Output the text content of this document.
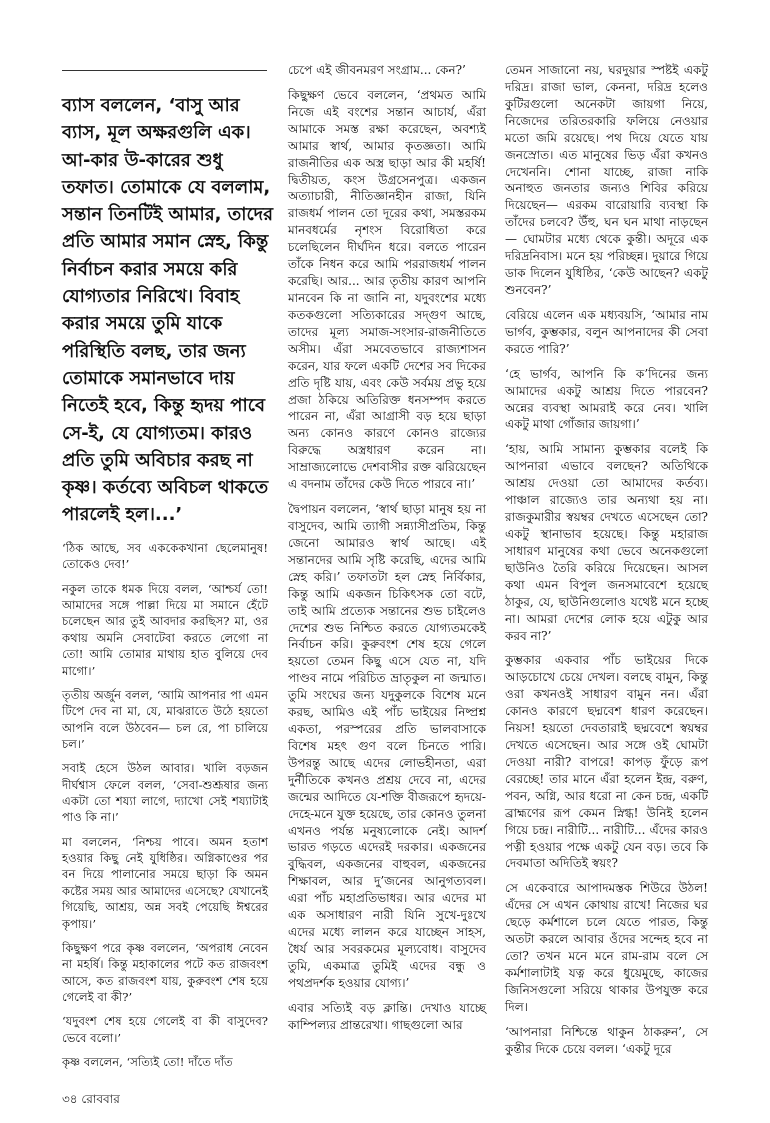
ব্যাস বললেন, ‘বাসু আর ব্যাস, মূল অক্ষরগুলি এক। আ-কার উ-কারের শুধু তফাত। তোমাকে যে বললাম, সন্তান তিনটিই আমার, তাদের প্রতি আমার সমান স্নেহ, কিন্তু নির্বাচন করার সময়ে করি যোগ্যতার নিরিখে। বিবাহ করার সময়ে তুমি যাকে পরিস্থিতি বলছ, তার জন্য তোমাকে সমানভাবে দায় নিতেই হবে, কিন্তু হৃদয় পাবে সে-ই, যে যোগ্যতম। কারও প্রতি তুমি অবিচার করছ না কৃষ্ণ। কর্তব্যে অবিচল থাকতে পারলেই হল।...’

‘ঠিক আছে, সব এককেকখানা ছেলেমানুষ! তোকেও দেব!’

নকুল তাকে ধমক দিয়ে বলল, ‘আশ্চর্য তো! আমাদের সঙ্গে পাল্লা দিয়ে মা সমানে হেঁটে চলেছেন আর তুই আবদার করছিস? মা, ওর কথায় অমনি সেবাটেবা করতে লেগো না তো! আমি তোমার মাথায় হাত বুলিয়ে দেব মাগো।’

তৃতীয় অর্জুন বলল, ‘আমি আপনার পা এমন টিপে দেব না মা, যে, মাঝরাতে উঠে হয়তো আপনি বলে উঠবেন— চল রে, পা চালিয়ে চল।’

সবাই হেসে উঠল আবার। খালি বড়জন দীর্ঘশ্বাস ফেলে বলল, ‘সেবা-শুশ্রূষার জন্য একটা তো শয্যা লাগে, দ্যাখো সেই শয্যাটাই পাও কি না।’

মা বললেন, ‘নিশ্চয় পাবে। অমন হতাশ হওয়ার কিছু নেই যুধিষ্ঠির। অগ্নিকাণ্ডের পর বন দিয়ে পালানোর সময়ে ছাড়া কি অমন কষ্টের সময় আর আমাদের এসেছে? যেখানেই গিয়েছি, আশ্রয়, অন্ন সবই পেয়েছি ঈশ্বরের কৃপায়।’

কিছুক্ষণ পরে কৃষ্ণ বললেন, ‘অপরাধ নেবেন না মহর্ষি। কিন্তু মহাকালের পটে কত রাজবংশ আসে, কত রাজবংশ যায়, কুরুবংশ শেষ হয়ে গেলেই বা কী?’

‘যদুবংশ শেষ হয়ে গেলেই বা কী বাসুদেব? ভেবে বলো।’

কৃষ্ণ বললেন, ‘সত্যিই তো! দাঁতে দাঁত

চেপে এই জীবনমরণ সংগ্রাম... কেন?’

কিছুক্ষণ ভেবে বললেন, ‘প্রথমত আমি নিজে এই বংশের সন্তান আচার্য, এঁরা আমাকে সমস্ত রক্ষা করেছেন, অবশ্যই আমার স্বার্থ, আমার কৃতজ্ঞতা। আমি রাজনীতির এক অস্ত্র ছাড়া আর কী মহর্ষি! দ্বিতীয়ত, কংস উগ্রসেনপুত্র। একজন অত্যাচারী, নীতিজ্ঞানহীন রাজা, যিনি রাজধর্ম পালন তো দূরের কথা, সমস্তরকম মানবধর্মের নৃশংস বিরোধিতা করে চলেছিলেন দীর্ঘদিন ধরে। বলতে পারেন তাঁকে নিধন করে আমি পররাজধর্ম পালন করেছি। আর... আর তৃতীয় কারণ আপনি মানবেন কি না জানি না, যদুবংশের মধ্যে কতকগুলো সত্যিকারের সদ্গুণ আছে, তাদের মূল্য সমাজ-সংসার-রাজনীতিতে অসীম। এঁরা সমবেতভাবে রাজ্যশাসন করেন, যার ফলে একটি দেশের সব দিকের প্রতি দৃষ্টি যায়, এবং কেউ সর্বময় প্রভু হয়ে প্রজা ঠকিয়ে অতিরিক্ত ধনসম্পদ করতে পারেন না, এঁরা আগ্রাসী বড় হয়ে ছাড়া অন্য কোনও কারণে কোনও রাজ্যের বিরুদ্ধে অস্ত্রধারণ করেন না। সাম্রাজ্যলোভে দেশবাসীর রক্ত ঝরিয়েছেন এ বদনাম তাঁদের কেউ দিতে পারবে না।’

দ্বৈপায়ন বললেন, ‘স্বার্থ ছাড়া মানুষ হয় না বাসুদেব, আমি ত্যাগী সন্ন্যাসীপ্রতিম, কিন্তু জেনো আমারও স্বার্থ আছে। এই সন্তানদের আমি সৃষ্টি করেছি, এদের আমি স্নেহ করি।’ তফাতটা হল স্নেহ নির্বিকার, কিন্তু আমি একজন চিকিৎসক তো বটে, তাই আমি প্রত্যেক সন্তানের শুভ চাইলেও দেশের শুভ নিশ্চিত করতে যোগ্যতমকেই নির্বাচন করি। কুরুবংশ শেষ হয়ে গেলে হয়তো তেমন কিছু এসে যেত না, যদি পাণ্ডব নামে পরিচিত ভ্রাতৃকুল না জন্মাত। তুমি সংঘের জন্য যদুকুলকে বিশেষ মনে করছ, আমিও এই পাঁচ ভাইয়ের নিষ্প্রশ্ন একতা, পরস্পরের প্রতি ভালবাসাকে বিশেষ মহৎ গুণ বলে চিনতে পারি। উপরন্তু আছে এদের লোভহীনতা, এরা দুর্নীতিকে কখনও প্রশ্রয় দেবে না, এদের জন্মের আদিতে যে-শক্তি বীজরূপে হৃদয়ে-দেহে-মনে যুক্ত হয়েছে, তার কোনও তুলনা এখনও পর্যন্ত মনুষ্যলোকে নেই। আদর্শ ভারত গড়তে এদেরই দরকার। একজনের বুদ্ধিবল, একজনের বাহুবল, একজনের শিক্ষাবল, আর দু’জনের আনুগত্যবল। এরা পাঁচ মহাপ্রতিভাধর। আর এদের মা এক অসাধারণ নারী যিনি সুখে-দুঃখে এদের মধ্যে লালন করে যাচ্ছেন সাহস, ধৈর্য আর সবরকমের মূল্যবোধ। বাসুদেব তুমি, একমাত্র তুমিই এদের বন্ধু ও পথপ্রদর্শক হওয়ার যোগ্য।’

এবার সত্যিই বড় ক্লান্তি। দেখাও যাচ্ছে কাম্পিল্যর প্রান্তরেখা। গাছগুলো আর

তেমন সাজানো নয়, ঘরদুয়ার স্পষ্টই একটু দরিদ্র। রাজা ভাল, কেননা, দরিদ্র হলেও কুটিরগুলো অনেকটা জায়গা নিয়ে, নিজেদের তরিতরকারি ফলিয়ে নেওয়ার মতো জমি রয়েছে। পথ দিয়ে যেতে যায় জনস্রোত। এত মানুষের ভিড় এঁরা কখনও দেখেননি। শোনা যাচ্ছে, রাজা নাকি অনাহুত জনতার জন্যও শিবির করিয়ে দিয়েছেন— এরকম বারোয়ারি ব্যবস্থা কি তাঁদের চলবে? উঁহু, ঘন ঘন মাথা নাড়ছেন— ঘোমটার মধ্যে থেকে কুন্তী। অদূরে এক দরিদ্রনিবাস। মনে হয় পরিচ্ছন্ন। দুয়ারে গিয়ে ডাক দিলেন যুধিষ্ঠির, ‘কেউ আছেন? একটু শুনবেন?’

বেরিয়ে এলেন এক মধ্যবয়সি, ‘আমার নাম ভার্গব, কুম্ভকার, বলুন আপনাদের কী সেবা করতে পারি?’

‘হে ভার্গব, আপনি কি ক’দিনের জন্য আমাদের একটু আশ্রয় দিতে পারবেন? অন্নের ব্যবস্থা আমরাই করে নেব। খালি একটু মাথা গোঁজার জায়গা।’

‘হায়, আমি সামান্য কুম্ভকার বলেই কি আপনারা এভাবে বলছেন? অতিথিকে আশ্রয় দেওয়া তো আমাদের কর্তব্য। পাঞ্চাল রাজ্যেও তার অন্যথা হয় না। রাজকুমারীর স্বয়ম্বর দেখতে এসেছেন তো? একটু স্থানাভাব হয়েছে। কিন্তু মহারাজ সাধারণ মানুষের কথা ভেবে অনেকগুলো ছাউনিও তৈরি করিয়ে দিয়েছেন। আসল কথা এমন বিপুল জনসমাবেশে হয়েছে ঠাকুর, যে, ছাউনিগুলোও যথেষ্ট মনে হচ্ছে না। আমরা দেশের লোক হয়ে এটুকু আর করব না?’

কুম্ভকার একবার পাঁচ ভাইয়ের দিকে আড়চোখে চেয়ে দেখল। বলছে বামুন, কিন্তু ওরা কখনওই সাধারণ বামুন নন। এঁরা কোনও কারণে ছদ্মবেশ ধারণ করেছেন। নিয়স! হয়তো দেবতারাই ছদ্মবেশে স্বয়ম্বর দেখতে এসেছেন। আর সঙ্গে ওই ঘোমটা দেওয়া নারী? বাপরে! কাপড় ফুঁড়ে রূপ বেরচ্ছে! তার মানে এঁরা হলেন ইন্দ্র, বরুণ, পবন, অগ্নি, আর ধরো না কেন চন্দ্র, একটি ব্রাহ্মণের রূপ কেমন স্নিগ্ধ! উনিই হলেন গিয়ে চন্দ্র। নারীটি... নারীটি... এঁদের কারও পত্নী হওয়ার পক্ষে একটু যেন বড়। তবে কি দেবমাতা অদিতিই স্বয়ং?

সে একেবারে আপাদমস্তক শিউরে উঠল! এঁদের সে এখন কোথায় রাখে! নিজের ঘর ছেড়ে কর্মশালে চলে যেতে পারত, কিন্তু অতটা করলে আবার ওঁদের সন্দেহ হবে না তো? তখন মনে মনে রাম-রাম বলে সে কর্মশালাটাই যত্ন করে ধুয়েমুছে, কাজের জিনিসগুলো সরিয়ে থাকার উপযুক্ত করে দিল।

‘আপনারা নিশ্চিন্তে থাকুন ঠাকরুন’, সে কুন্তীর দিকে চেয়ে বলল। ‘একটু দূরে

৩৪ রোববার
